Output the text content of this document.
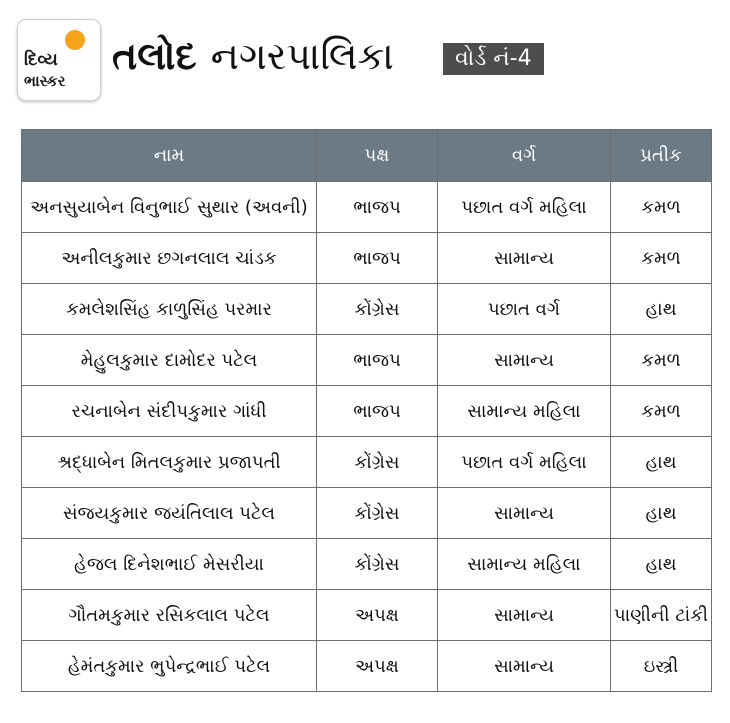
દિવ્ય
ભાસ્કર
તલોદ નગરપાલિકા	વોર્ડ નં-4
નામ	પક્ષ	વર્ગ	પ્રતીક
અનસુયાબેન વિનુભાઈ સુથાર (અવની)	ભાજપ	પછાત વર્ગ મહિલા	કમળ
અનીલકુમાર છગનલાલ ચાંડક	ભાજપ	સામાન્ય	કમળ
કમલેશસિંહ કાળુસિંહ પરમાર	કોંગ્રેસ	પછાત વર્ગ	હાથ
મેહુલકુમાર દામોદર પટેલ	ભાજપ	સામાન્ય	કમળ
રચનાબેન સંદીપકુમાર ગાંધી	ભાજપ	સામાન્ય મહિલા	કમળ
શ્રદ્ધાબેન મિતલકુમાર પ્રજાપતી	કોંગ્રેસ	પછાત વર્ગ મહિલા	હાથ
સંજયકુમાર જયંતિલાલ પટેલ	કોંગ્રેસ	સામાન્ય	હાથ
હેજલ દિનેશભાઈ મેસરીયા	કોંગ્રેસ	સામાન્ય મહિલા	હાથ
ગૌતમકુમાર રસિકલાલ પટેલ	અપક્ષ	સામાન્ય	પાણીની ટાંકી
હેમંતકુમાર ભુપેન્દ્રભાઈ પટેલ	અપક્ષ	સામાન્ય	ઇસ્ત્રી
